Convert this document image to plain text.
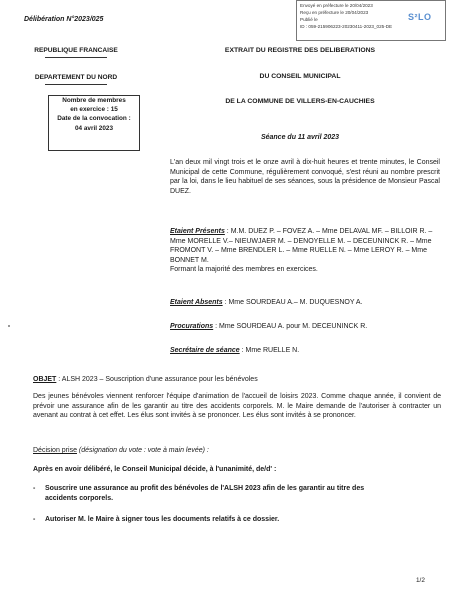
Envoyé en préfecture le 20/04/2023
Reçu en préfecture le 20/04/2023
Publié le
ID : 059-215906223-20230411-2023_025-DE
S²LO
Délibération N°2023/025
REPUBLIQUE FRANCAISE
DEPARTEMENT DU NORD
Nombre de membres
en exercice : 15
Date de la convocation :
04 avril 2023
EXTRAIT DU REGISTRE DES DELIBERATIONS
DU CONSEIL MUNICIPAL
DE LA COMMUNE DE VILLERS-EN-CAUCHIES
Séance du 11 avril 2023
L'an deux mil vingt trois et le onze avril à dix-huit heures et trente minutes, le Conseil Municipal de cette Commune, régulièrement convoqué, s'est réuni au nombre prescrit par la loi, dans le lieu habituel de ses séances, sous la présidence de Monsieur Pascal DUEZ.
Etaient Présents : M.M. DUEZ P. – FOVEZ A. – Mme DELAVAL MF. – BILLOIR R. – Mme MORELLE V.– NIEUWJAER M. – DENOYELLE M. – DECEUNINCK R. – Mme FROMONT V. – Mme BRENDLER L. – Mme RUELLE N. – Mme LEROY R. – Mme BONNET M.
Formant la majorité des membres en exercices.
Etaient Absents : Mme SOURDEAU A.– M. DUQUESNOY A.
Procurations : Mme SOURDEAU A. pour M. DECEUNINCK R.
Secrétaire de séance : Mme RUELLE N.
OBJET : ALSH 2023 – Souscription d'une assurance pour les bénévoles
Des jeunes bénévoles viennent renforcer l'équipe d'animation de l'accueil de loisirs 2023. Comme chaque année, il convient de prévoir une assurance afin de les garantir au titre des accidents corporels. M. le Maire demande de l'autoriser à contracter un avenant au contrat à cet effet. Les élus sont invités à se prononcer. Les élus sont invités à se prononcer.
Décision prise (désignation du vote : vote à main levée) :
Après en avoir délibéré, le Conseil Municipal décide, à l'unanimité, de/d' :
- Souscrire une assurance au profit des bénévoles de l'ALSH 2023 afin de les garantir au titre des
accidents corporels.
- Autoriser M. le Maire à signer tous les documents relatifs à ce dossier.
1/2
